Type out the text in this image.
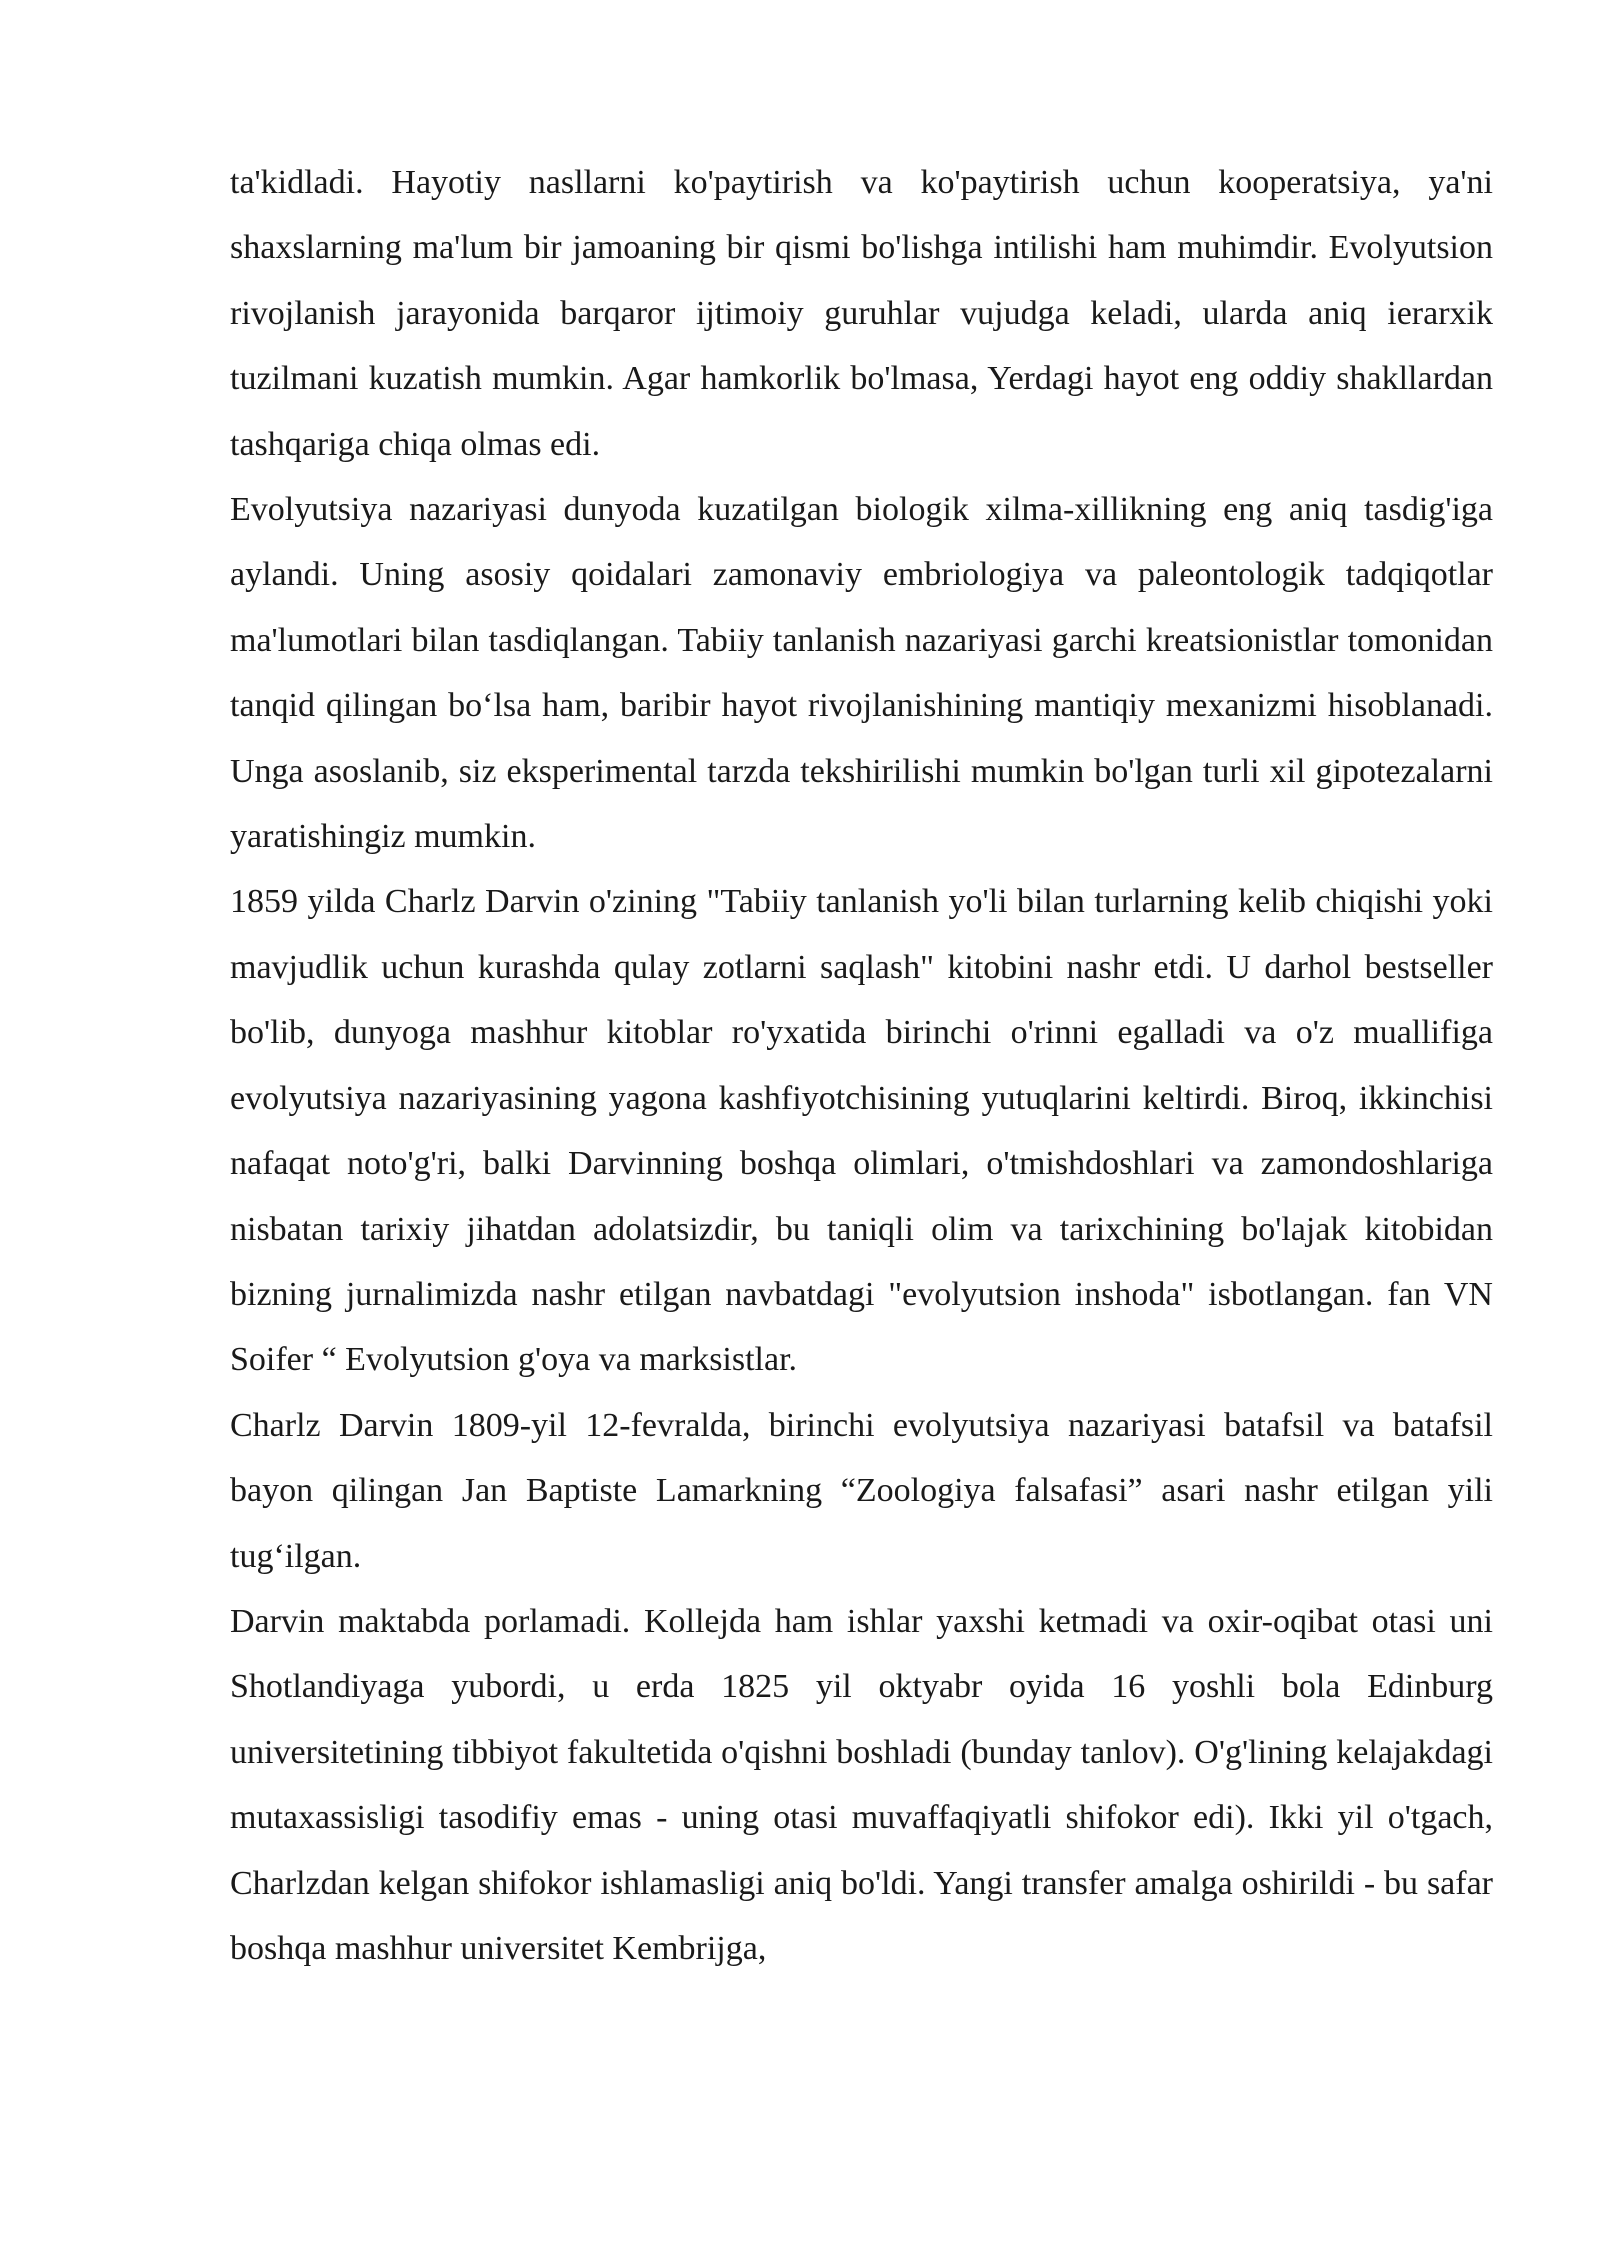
ta'kidladi. Hayotiy nasllarni ko'paytirish va ko'paytirish uchun kooperatsiya, ya'ni shaxslarning ma'lum bir jamoaning bir qismi bo'lishga intilishi ham muhimdir. Evolyutsion rivojlanish jarayonida barqaror ijtimoiy guruhlar vujudga keladi, ularda aniq ierarxik tuzilmani kuzatish mumkin. Agar hamkorlik bo'lmasa, Yerdagi hayot eng oddiy shakllardan tashqariga chiqa olmas edi.

Evolyutsiya nazariyasi dunyoda kuzatilgan biologik xilma-xillikning eng aniq tasdig'iga aylandi. Uning asosiy qoidalari zamonaviy embriologiya va paleontologik tadqiqotlar ma'lumotlari bilan tasdiqlangan. Tabiiy tanlanish nazariyasi garchi kreatsionistlar tomonidan tanqid qilingan bo‘lsa ham, baribir hayot rivojlanishining mantiqiy mexanizmi hisoblanadi. Unga asoslanib, siz eksperimental tarzda tekshirilishi mumkin bo'lgan turli xil gipotezalarni yaratishingiz mumkin.

1859 yilda Charlz Darvin o'zining "Tabiiy tanlanish yo'li bilan turlarning kelib chiqishi yoki mavjudlik uchun kurashda qulay zotlarni saqlash" kitobini nashr etdi. U darhol bestseller bo'lib, dunyoga mashhur kitoblar ro'yxatida birinchi o'rinni egalladi va o'z muallifiga evolyutsiya nazariyasining yagona kashfiyotchisining yutuqlarini keltirdi. Biroq, ikkinchisi nafaqat noto'g'ri, balki Darvinning boshqa olimlari, o'tmishdoshlari va zamondoshlariga nisbatan tarixiy jihatdan adolatsizdir, bu taniqli olim va tarixchining bo'lajak kitobidan bizning jurnalimizda nashr etilgan navbatdagi "evolyutsion inshoda" isbotlangan. fan VN Soifer “ Evolyutsion g'oya va marksistlar.

Charlz Darvin 1809-yil 12-fevralda, birinchi evolyutsiya nazariyasi batafsil va batafsil bayon qilingan Jan Baptiste Lamarkning “Zoologiya falsafasi” asari nashr etilgan yili tug‘ilgan.

Darvin maktabda porlamadi. Kollejda ham ishlar yaxshi ketmadi va oxir-oqibat otasi uni Shotlandiyaga yubordi, u erda 1825 yil oktyabr oyida 16 yoshli bola Edinburg universitetining tibbiyot fakultetida o'qishni boshladi (bunday tanlov). O'g'lining kelajakdagi mutaxassisligi tasodifiy emas - uning otasi muvaffaqiyatli shifokor edi). Ikki yil o'tgach, Charlzdan kelgan shifokor ishlamasligi aniq bo'ldi. Yangi transfer amalga oshirildi - bu safar boshqa mashhur universitet Kembrijga,
